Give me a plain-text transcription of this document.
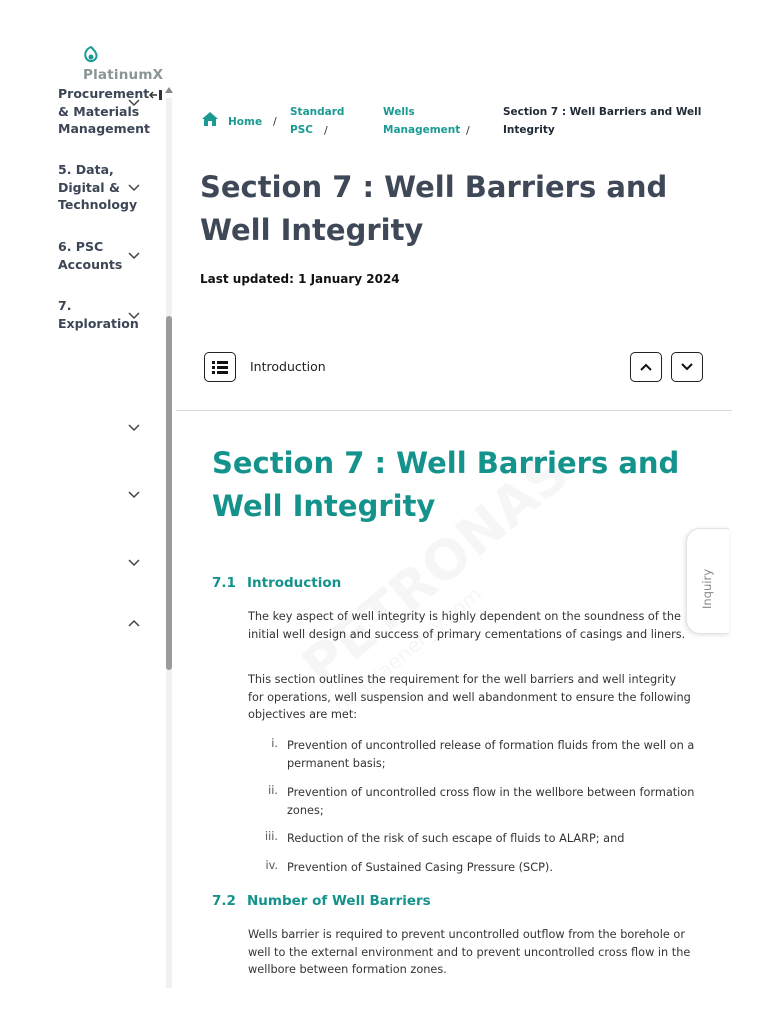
PlatinumX
Procurement & Materials Management
5. Data, Digital & Technology
6. PSC Accounts
7. Exploration
Home /
Standard PSC	/
Wells Management /
Section 7 : Well Barriers and Well Integrity
Section 7 : Well Barriers and Well Integrity
Last updated: 1 January 2024
Introduction
Section 7 : Well Barriers and Well Integrity
7.1 Introduction
The key aspect of well integrity is highly dependent on the soundness of the initial well design and success of primary cementations of casings and liners.
This section outlines the requirement for the well barriers and well integrity for operations, well suspension and well abandonment to ensure the following objectives are met:
i. Prevention of uncontrolled release of formation fluids from the well on a permanent basis;
ii. Prevention of uncontrolled cross flow in the wellbore between formation zones;
iii. Reduction of the risk of such escape of fluids to ALARP; and
iv. Prevention of Sustained Casing Pressure (SCP).
7.2 Number of Well Barriers
Wells barrier is required to prevent uncontrolled outflow from the borehole or well to the external environment and to prevent uncontrolled cross flow in the wellbore between formation zones.
Inquiry
